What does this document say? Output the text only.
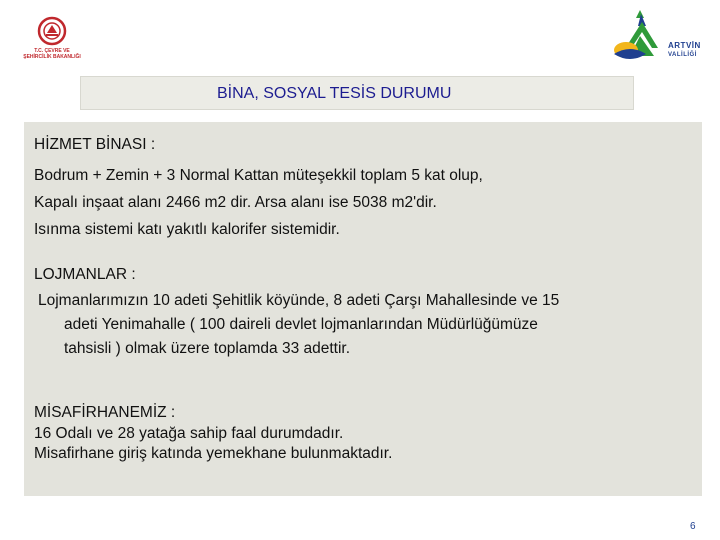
T.C. ÇEVRE VE
ŞEHİRCİLİK BAKANLIĞI
ARTVİN
VALİLİĞİ
BİNA, SOSYAL TESİS DURUMU
HİZMET BİNASI :
Bodrum + Zemin + 3 Normal Kattan müteşekkil toplam 5 kat olup,
Kapalı inşaat alanı 2466 m2 dir. Arsa alanı ise 5038 m2'dir.
Isınma sistemi katı yakıtlı kalorifer sistemidir.
LOJMANLAR :
Lojmanlarımızın 10 adeti Şehitlik köyünde, 8 adeti Çarşı Mahallesinde ve 15
adeti Yenimahalle ( 100 daireli devlet lojmanlarından Müdürlüğümüze
tahsisli ) olmak üzere toplamda 33 adettir.
MİSAFİRHANEMİZ :
16 Odalı ve 28 yatağa sahip faal durumdadır.
Misafirhane giriş katında yemekhane bulunmaktadır.
6
